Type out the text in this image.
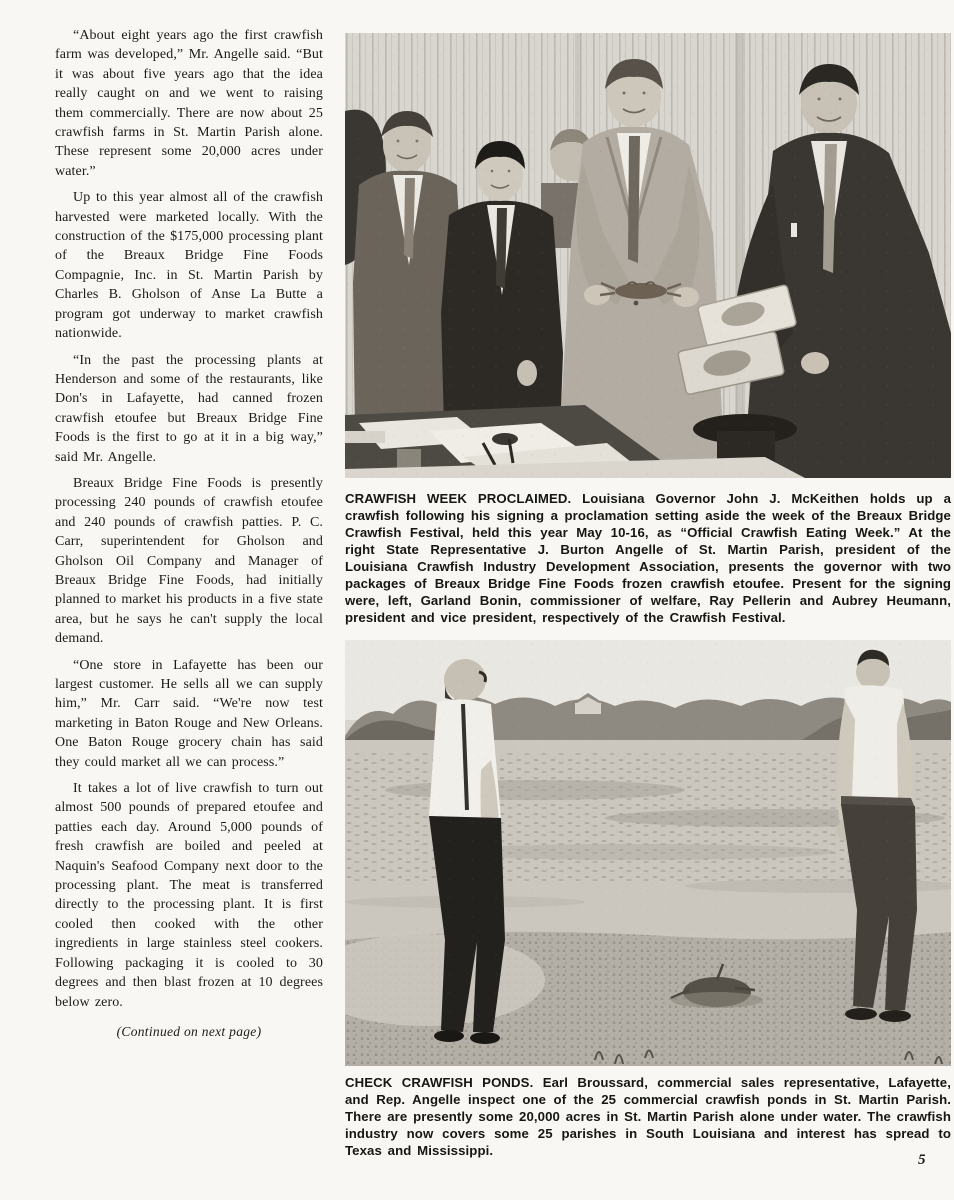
“About eight years ago the first crawfish farm was developed,” Mr. Angelle said. “But it was about five years ago that the idea really caught on and we went to raising them commercially. There are now about 25 crawfish farms in St. Martin Parish alone. These represent some 20,000 acres under water.”

Up to this year almost all of the crawfish harvested were marketed locally. With the construction of the $175,000 processing plant of the Breaux Bridge Fine Foods Compagnie, Inc. in St. Martin Parish by Charles B. Gholson of Anse La Butte a program got underway to market crawfish nationwide.

“In the past the processing plants at Henderson and some of the restaurants, like Don's in Lafayette, had canned frozen crawfish etoufee but Breaux Bridge Fine Foods is the first to go at it in a big way,” said Mr. Angelle.

Breaux Bridge Fine Foods is presently processing 240 pounds of crawfish etoufee and 240 pounds of crawfish patties. P. C. Carr, superintendent for Gholson and Gholson Oil Company and Manager of Breaux Bridge Fine Foods, had initially planned to market his products in a five state area, but he says he can't supply the local demand.

“One store in Lafayette has been our largest customer. He sells all we can supply him,” Mr. Carr said. “We're now test marketing in Baton Rouge and New Orleans. One Baton Rouge grocery chain has said they could market all we can process.”

It takes a lot of live crawfish to turn out almost 500 pounds of prepared etoufee and patties each day. Around 5,000 pounds of fresh crawfish are boiled and peeled at Naquin's Seafood Company next door to the processing plant. The meat is transferred directly to the processing plant. It is first cooled then cooked with the other ingredients in large stainless steel cookers. Following packaging it is cooled to 30 degrees and then blast frozen at 10 degrees below zero.

(Continued on next page)
CRAWFISH WEEK PROCLAIMED. Louisiana Governor John J. McKeithen holds up a crawfish following his signing a proclamation setting aside the week of the Breaux Bridge Crawfish Festival, held this year May 10-16, as “Official Crawfish Eating Week.” At the right State Representative J. Burton Angelle of St. Martin Parish, president of the Louisiana Crawfish Industry Development Association, presents the governor with two packages of Breaux Bridge Fine Foods frozen crawfish etoufee. Present for the signing were, left, Garland Bonin, commissioner of welfare, Ray Pellerin and Aubrey Heumann, president and vice president, respectively of the Crawfish Festival.
CHECK CRAWFISH PONDS. Earl Broussard, commercial sales representative, Lafayette, and Rep. Angelle inspect one of the 25 commercial crawfish ponds in St. Martin Parish. There are presently some 20,000 acres in St. Martin Parish alone under water. The crawfish industry now covers some 25 parishes in South Louisiana and interest has spread to Texas and Mississippi.
5
